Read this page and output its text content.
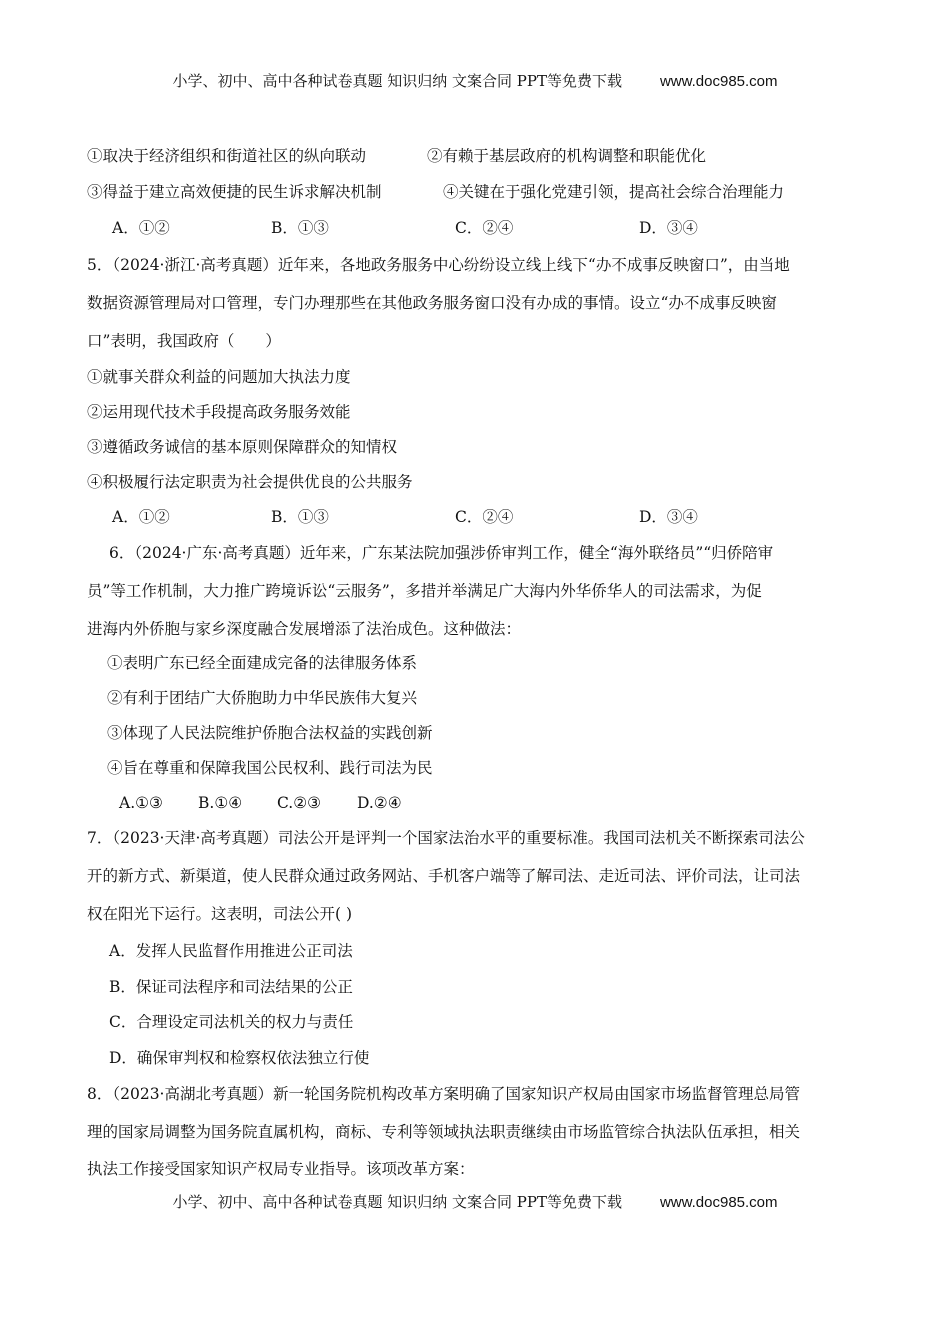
小学、初中、高中各种试卷真题 知识归纳 文案合同 PPT等免费下载	www.doc985.com
①取决于经济组织和街道社区的纵向联动	②有赖于基层政府的机构调整和职能优化
③得益于建立高效便捷的民生诉求解决机制	④关键在于强化党建引领，提高社会综合治理能力
A．①②	B．①③	C．②④	D．③④
5．（2024·浙江·高考真题）近年来，各地政务服务中心纷纷设立线上线下“办不成事反映窗口”，由当地
数据资源管理局对口管理，专门办理那些在其他政务服务窗口没有办成的事情。设立“办不成事反映窗
口”表明，我国政府（　　）
①就事关群众利益的问题加大执法力度
②运用现代技术手段提高政务服务效能
③遵循政务诚信的基本原则保障群众的知情权
④积极履行法定职责为社会提供优良的公共服务
A．①②	B．①③	C．②④	D．③④
6．（2024·广东·高考真题）近年来，广东某法院加强涉侨审判工作，健全“海外联络员”“归侨陪审
员”等工作机制，大力推广跨境诉讼“云服务”，多措并举满足广大海内外华侨华人的司法需求，为促
进海内外侨胞与家乡深度融合发展增添了法治成色。这种做法：
①表明广东已经全面建成完备的法律服务体系
②有利于团结广大侨胞助力中华民族伟大复兴
③体现了人民法院维护侨胞合法权益的实践创新
④旨在尊重和保障我国公民权利、践行司法为民
A.①③ B.①④ C.②③ D.②④
7．（2023·天津·高考真题）司法公开是评判一个国家法治水平的重要标准。我国司法机关不断探索司法公
开的新方式、新渠道，使人民群众通过政务网站、手机客户端等了解司法、走近司法、评价司法，让司法
权在阳光下运行。这表明，司法公开( )
A．发挥人民监督作用推进公正司法
B．保证司法程序和司法结果的公正
C．合理设定司法机关的权力与责任
D．确保审判权和检察权依法独立行使
8．（2023·高湖北考真题）新一轮国务院机构改革方案明确了国家知识产权局由国家市场监督管理总局管
理的国家局调整为国务院直属机构，商标、专利等领域执法职责继续由市场监管综合执法队伍承担，相关
执法工作接受国家知识产权局专业指导。该项改革方案：
小学、初中、高中各种试卷真题 知识归纳 文案合同 PPT等免费下载	www.doc985.com
